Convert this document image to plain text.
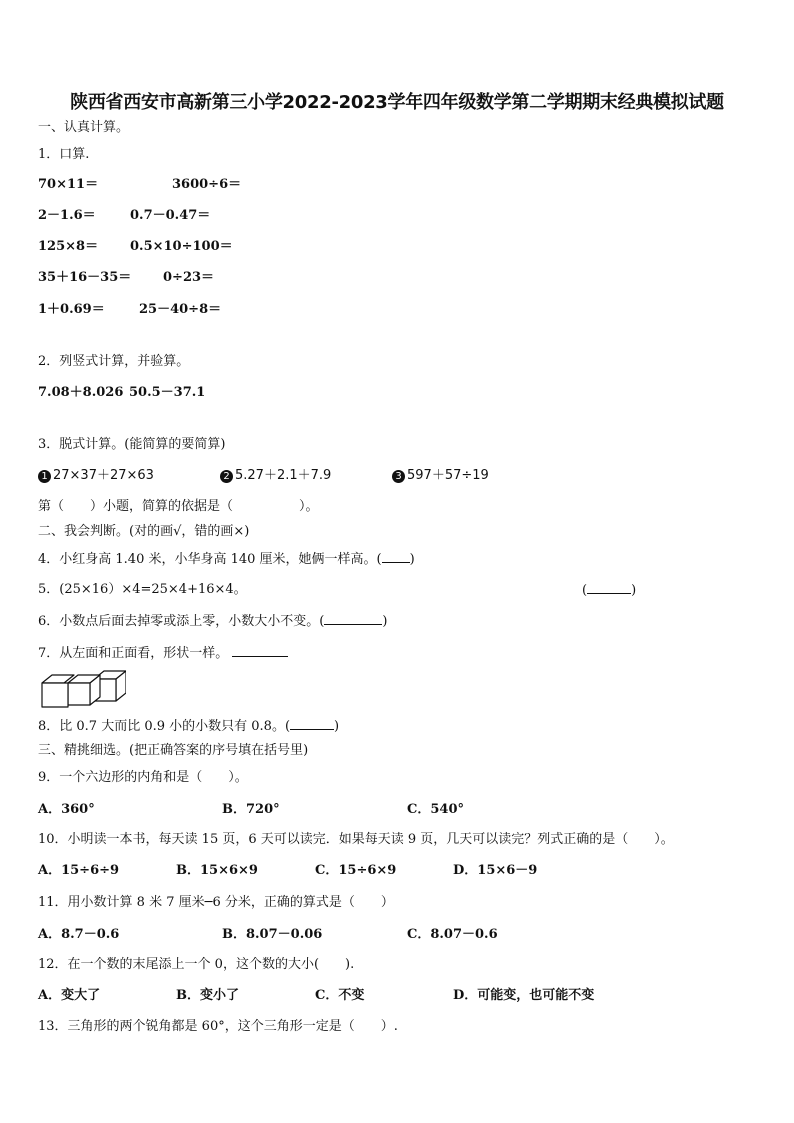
陕西省西安市高新第三小学2022-2023学年四年级数学第二学期期末经典模拟试题
一、认真计算。
1．口算.
70×11＝	3600÷6＝
2－1.6＝	0.7－0.47＝
125×8＝ 0.5×10÷100＝
35＋16－35＝ 0÷23＝
1＋0.69＝	25－40÷8＝
2．列竖式计算，并验算。
7.08＋8.026 50.5－37.1
3．脱式计算。(能简算的要简算)
1 27×37＋27×63	2 5.27＋2.1＋7.9	3 597＋57÷19
第（　　）小题，简算的依据是（	）。
二、我会判断。(对的画√，错的画×)
4．小红身高 1.40 米，小华身高 140 厘米，她俩一样高。( )
5．(25×16）×4=25×4+16×4。	(	)
6．小数点后面去掉零或添上零，小数大小不变。(	)
7．从左面和正面看，形状一样。
8．比 0.7 大而比 0.9 小的小数只有 0.8。(	)
三、精挑细选。(把正确答案的序号填在括号里)
9．一个六边形的内角和是（　　）。
A．360°	B．720°	C．540°
10．小明读一本书，每天读 15 页，6 天可以读完．如果每天读 9 页，几天可以读完？列式正确的是（　　）。
A．15÷6÷9	B．15×6×9	C．15÷6×9	D．15×6－9
11．用小数计算 8 米 7 厘米─6 分米，正确的算式是（　　）
A．8.7－0.6	B．8.07－0.06	C．8.07－0.6
12．在一个数的末尾添上一个 0，这个数的大小(　　).
A．变大了	B．变小了	C．不变	D．可能变，也可能不变
13．三角形的两个锐角都是 60°，这个三角形一定是（　　）.
